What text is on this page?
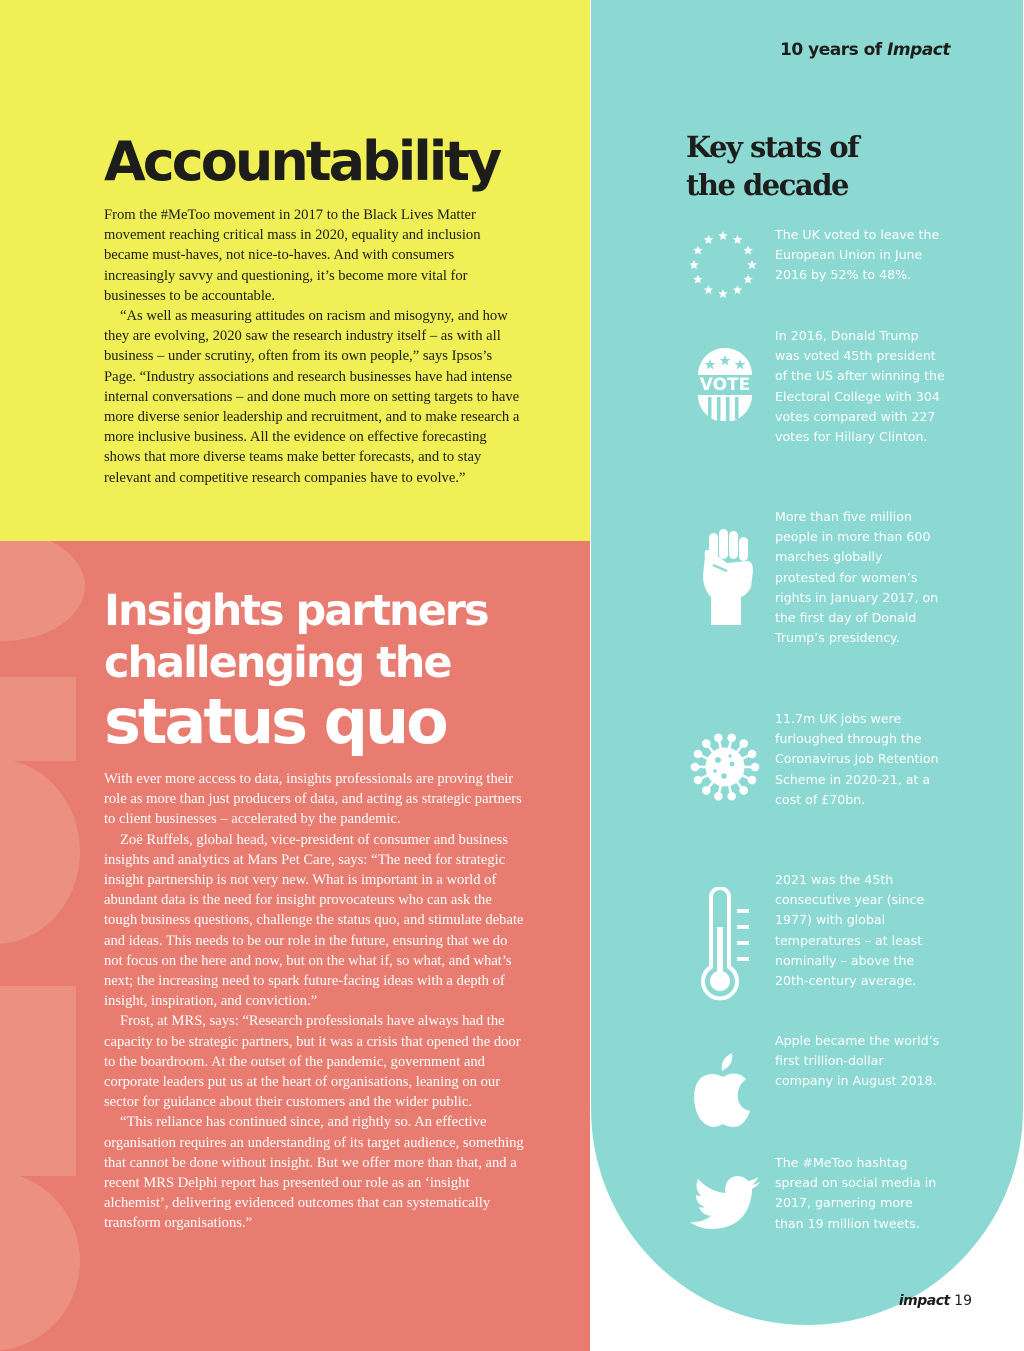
Accountability

From the #MeToo movement in 2017 to the Black Lives Matter movement reaching critical mass in 2020, equality and inclusion became must-haves, not nice-to-haves. And with consumers increasingly savvy and questioning, it’s become more vital for businesses to be accountable.

“As well as measuring attitudes on racism and misogyny, and how they are evolving, 2020 saw the research industry itself – as with all business – under scrutiny, often from its own people,” says Ipsos’s Page. “Industry associations and research businesses have had intense internal conversations – and done much more on setting targets to have more diverse senior leadership and recruitment, and to make research a more inclusive business. All the evidence on effective forecasting shows that more diverse teams make better forecasts, and to stay relevant and competitive research companies have to evolve.”

Insights partners
challenging the
status quo

With ever more access to data, insights professionals are proving their role as more than just producers of data, and acting as strategic partners to client businesses – accelerated by the pandemic.

Zoë Ruffels, global head, vice-president of consumer and business insights and analytics at Mars Pet Care, says: “The need for strategic insight partnership is not very new. What is important in a world of abundant data is the need for insight provocateurs who can ask the tough business questions, challenge the status quo, and stimulate debate and ideas. This needs to be our role in the future, ensuring that we do not focus on the here and now, but on the what if, so what, and what’s next; the increasing need to spark future-facing ideas with a depth of insight, inspiration, and conviction.”

Frost, at MRS, says: “Research professionals have always had the capacity to be strategic partners, but it was a crisis that opened the door to the boardroom. At the outset of the pandemic, government and corporate leaders put us at the heart of organisations, leaning on our sector for guidance about their customers and the wider public.

“This reliance has continued since, and rightly so. An effective organisation requires an understanding of its target audience, something that cannot be done without insight. But we offer more than that, and a recent MRS Delphi report has presented our role as an ‘insight alchemist’, delivering evidenced outcomes that can systematically transform organisations.”

10 years of Impact

Key stats of
the decade

The UK voted to leave the European Union in June 2016 by 52% to 48%.

VOTE

In 2016, Donald Trump was voted 45th president of the US after winning the Electoral College with 304 votes compared with 227 votes for Hillary Clinton.

More than five million people in more than 600 marches globally protested for women’s rights in January 2017, on the first day of Donald Trump’s presidency.

11.7m UK jobs were furloughed through the Coronavirus Job Retention Scheme in 2020-21, at a cost of £70bn.

2021 was the 45th consecutive year (since 1977) with global temperatures – at least nominally – above the 20th-century average.

Apple became the world’s first trillion-dollar company in August 2018.

The #MeToo hashtag spread on social media in 2017, garnering more than 19 million tweets.

impact 19
